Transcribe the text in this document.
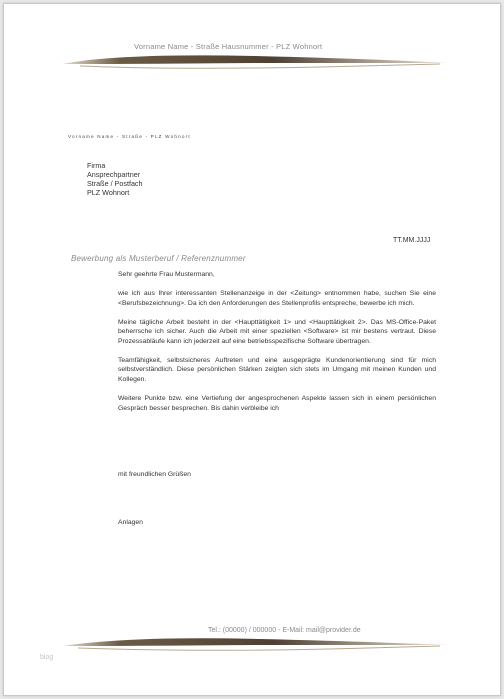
Vorname Name - Straße Hausnummer - PLZ Wohnort
Vorname Name - Straße - PLZ Wohnort
Firma
Ansprechpartner
Straße / Postfach
PLZ Wohnort
TT.MM.JJJJ
Bewerbung als Musterberuf / Referenznummer

Sehr geehrte Frau Mustermann,

wie ich aus Ihrer interessanten Stellenanzeige in der <Zeitung> entnommen habe, suchen Sie eine <Berufsbezeichnung>. Da ich den Anforderungen des Stellenprofils entspreche, bewerbe ich mich.

Meine tägliche Arbeit besteht in der <Haupttätigkeit 1> und <Haupttätigkeit 2>. Das MS-Office-Paket beherrsche ich sicher. Auch die Arbeit mit einer speziellen <Software> ist mir bestens vertraut. Diese Prozessabläufe kann ich jederzeit auf eine betriebsspezifische Software übertragen.

Teamfähigkeit, selbstsicheres Auftreten und eine ausgeprägte Kundenorientierung sind für mich selbstverständlich. Diese persönlichen Stärken zeigten sich stets im Umgang mit meinen Kunden und Kollegen.

Weitere Punkte bzw. eine Vertiefung der angesprochenen Aspekte lassen sich in einem persönlichen Gespräch besser besprechen. Bis dahin verbleibe ich

mit freundlichen Grüßen
Anlagen
Tel.: (00000) / 000000 - E-Mail: mail@provider.de
blog
